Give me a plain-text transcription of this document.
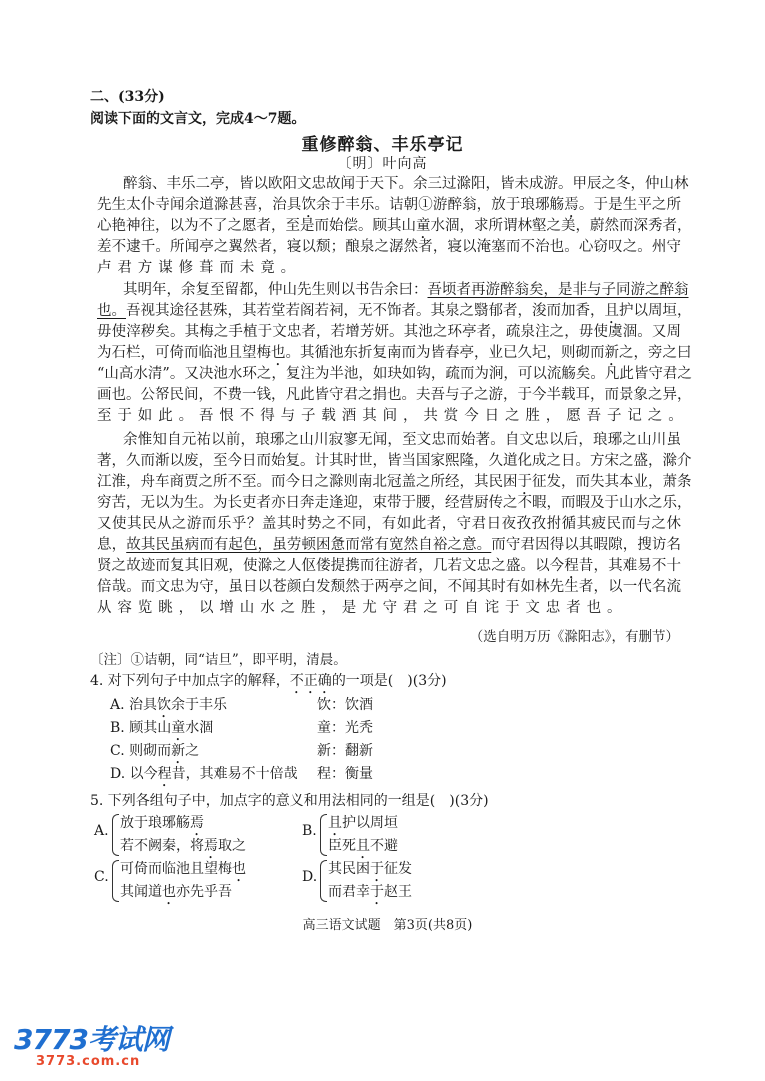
二、(33分)
阅读下面的文言文，完成4～7题。
重修醉翁、丰乐亭记
〔明〕叶向高
醉翁、丰乐二亭，皆以欧阳文忠故闻于天下。余三过滁阳，皆未成游。甲辰之冬，仲山林
先生太仆寺闻余道滁甚喜，治具饮余于丰乐。诘朝①游醉翁，放于琅琊觞焉。于是生平之所
心艳神往，以为不了之愿者，至是而始偿。顾其山童水涸，求所谓林壑之美，蔚然而深秀者，
差不逮千。所闻亭之翼然者，寝以颓；酿泉之潺然者，寝以淹塞而不治也。心窃叹之。州守
卢君方谋修葺而未竟。
其明年，余复至留都，仲山先生则以书告余曰：吾顷者再游醉翁矣，是非与子同游之醉翁
也。吾视其途径甚殊，其若堂若阁若祠，无不饰者。其泉之翳郁者，浚而加香，且护以周垣，
毋使滓秽矣。其梅之手植于文忠者，若增芳妍。其池之环亭者，疏泉注之，毋使虞涸。又周
为石栏，可倚而临池且望梅也。其循池东折复南而为皆春亭，业已久圮，则砌而新之，旁之曰
“山高水清”。又决池水环之，复注为半池，如玦如钩，疏而为涧，可以流觞矣。凡此皆守君之
画也。公帑民间，不费一钱，凡此皆守君之捐也。夫吾与子之游，于今半载耳，而景象之异，
至于如此。吾恨不得与子载酒其间，共赏今日之胜，愿吾子记之。
余惟知自元祐以前，琅琊之山川寂寥无闻，至文忠而始著。自文忠以后，琅琊之山川虽
著，久而渐以废，至今日而始复。计其时世，皆当国家熙隆，久道化成之日。方宋之盛，滁介
江淮，舟车商贾之所不至。而今日之滁则南北冠盖之所经，其民困于征发，而失其本业，萧条
穷苦，无以为生。为长吏者亦日奔走逢迎，束带于腰，经营厨传之不暇，而暇及于山水之乐，
又使其民从之游而乐乎？盖其时势之不同，有如此者，守君日夜孜孜拊循其疲民而与之休
息，故其民虽病而有起色，虽劳顿困惫而常有宽然自裕之意。而守君因得以其暇隙，搜访名
贤之故迹而复其旧观，使滁之人伛偻提携而往游者，几若文忠之盛。以今程昔，其难易不十
倍哉。而文忠为守，虽日以苍颜白发颓然于两亭之间，不闻其时有如林先生者，以一代名流
从容览眺，以增山水之胜，是尤守君之可自诧于文忠者也。
（选自明万历《滁阳志》，有删节）
〔注〕①诘朝，同“诘旦”，即平明，清晨。
4. 对下列句子中加点字的解释，不正确的一项是(　)(3分)
A. 治具饮余于丰乐	饮：饮酒
B. 顾其山童水涸	童：光秃
C. 则砌而新之	新：翻新
D. 以今程昔，其难易不十倍哉 程：衡量
5. 下列各组句子中，加点字的意义和用法相同的一组是(　)(3分)
A. 放于琅琊觞焉
若不阙秦，将焉取之
B. 且护以周垣
臣死且不避
C. 可倚而临池且望梅也
其闻道也亦先乎吾
D. 其民困于征发
而君幸于赵王
高三语文试题　第3页(共8页)
3773考试网
3773.com.cn
